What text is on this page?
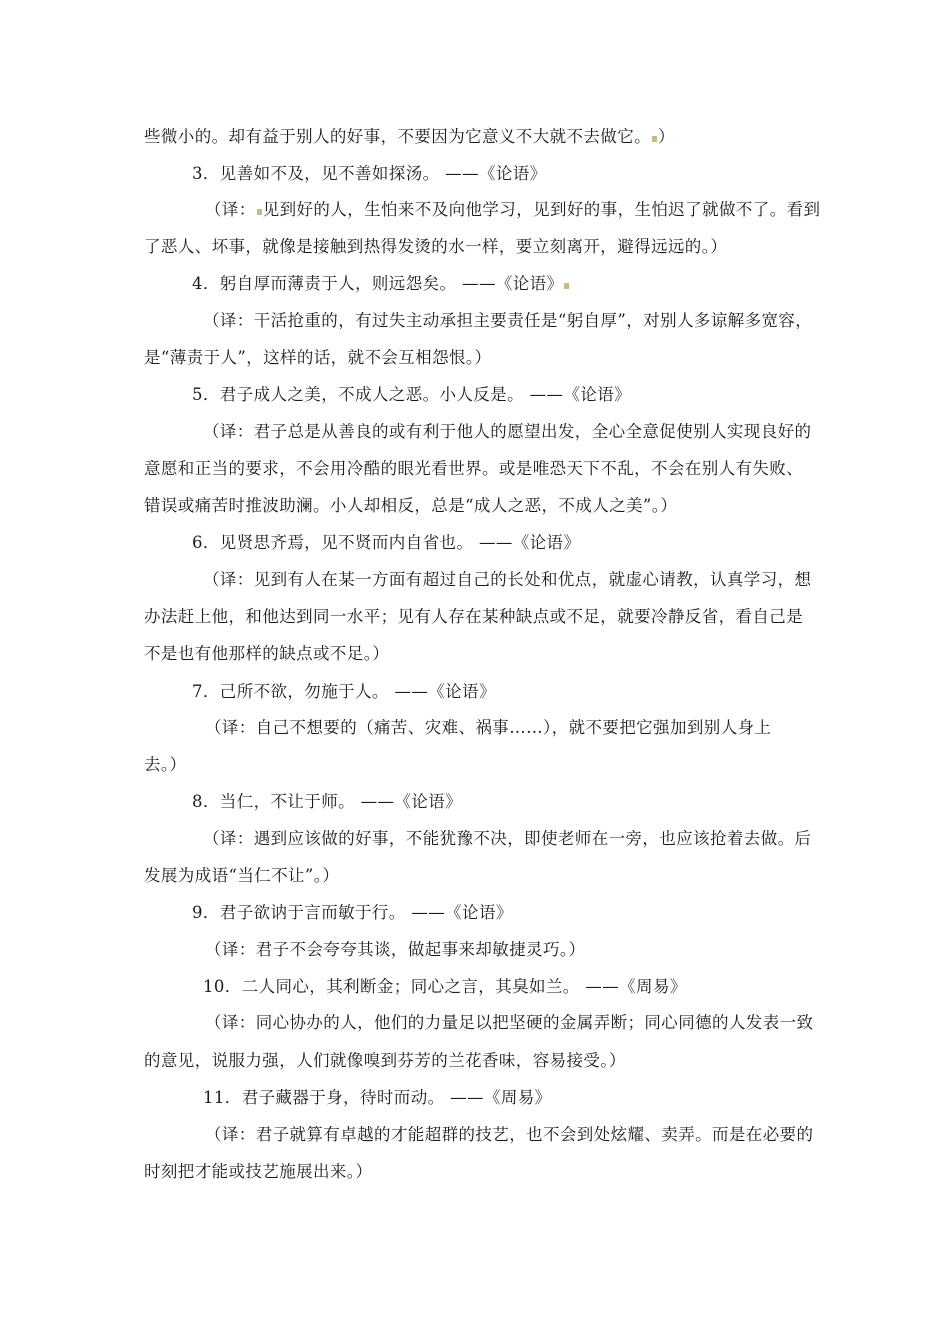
些微小的。却有益于别人的好事，不要因为它意义不大就不去做它。 ）
3．见善如不及，见不善如探汤。 ——《论语》
（译： 见到好的人，生怕来不及向他学习，见到好的事，生怕迟了就做不了。看到
了恶人、坏事，就像是接触到热得发烫的水一样，要立刻离开，避得远远的。）
4．躬自厚而薄责于人，则远怨矣。 ——《论语》
（译：干活抢重的，有过失主动承担主要责任是“躬自厚”，对别人多谅解多宽容，
是“薄责于人”，这样的话，就不会互相怨恨。）
5．君子成人之美，不成人之恶。小人反是。 ——《论语》
（译：君子总是从善良的或有利于他人的愿望出发，全心全意促使别人实现良好的
意愿和正当的要求，不会用冷酷的眼光看世界。或是唯恐天下不乱，不会在别人有失败、
错误或痛苦时推波助澜。小人却相反，总是“成人之恶，不成人之美”。）
6．见贤思齐焉，见不贤而内自省也。 ——《论语》
（译：见到有人在某一方面有超过自己的长处和优点，就虚心请教，认真学习，想
办法赶上他，和他达到同一水平；见有人存在某种缺点或不足，就要冷静反省，看自己是
不是也有他那样的缺点或不足。）
7．己所不欲，勿施于人。 ——《论语》
（译：自己不想要的（痛苦、灾难、祸事……），就不要把它强加到别人身上
去。）
8．当仁，不让于师。 ——《论语》
（译：遇到应该做的好事，不能犹豫不决，即使老师在一旁，也应该抢着去做。后
发展为成语“当仁不让”。）
9．君子欲讷于言而敏于行。 ——《论语》
（译：君子不会夸夸其谈，做起事来却敏捷灵巧。）
10．二人同心，其利断金；同心之言，其臭如兰。 ——《周易》
（译：同心协办的人，他们的力量足以把坚硬的金属弄断；同心同德的人发表一致
的意见，说服力强，人们就像嗅到芬芳的兰花香味，容易接受。）
11．君子藏器于身，待时而动。 ——《周易》
（译：君子就算有卓越的才能超群的技艺，也不会到处炫耀、卖弄。而是在必要的
时刻把才能或技艺施展出来。）
